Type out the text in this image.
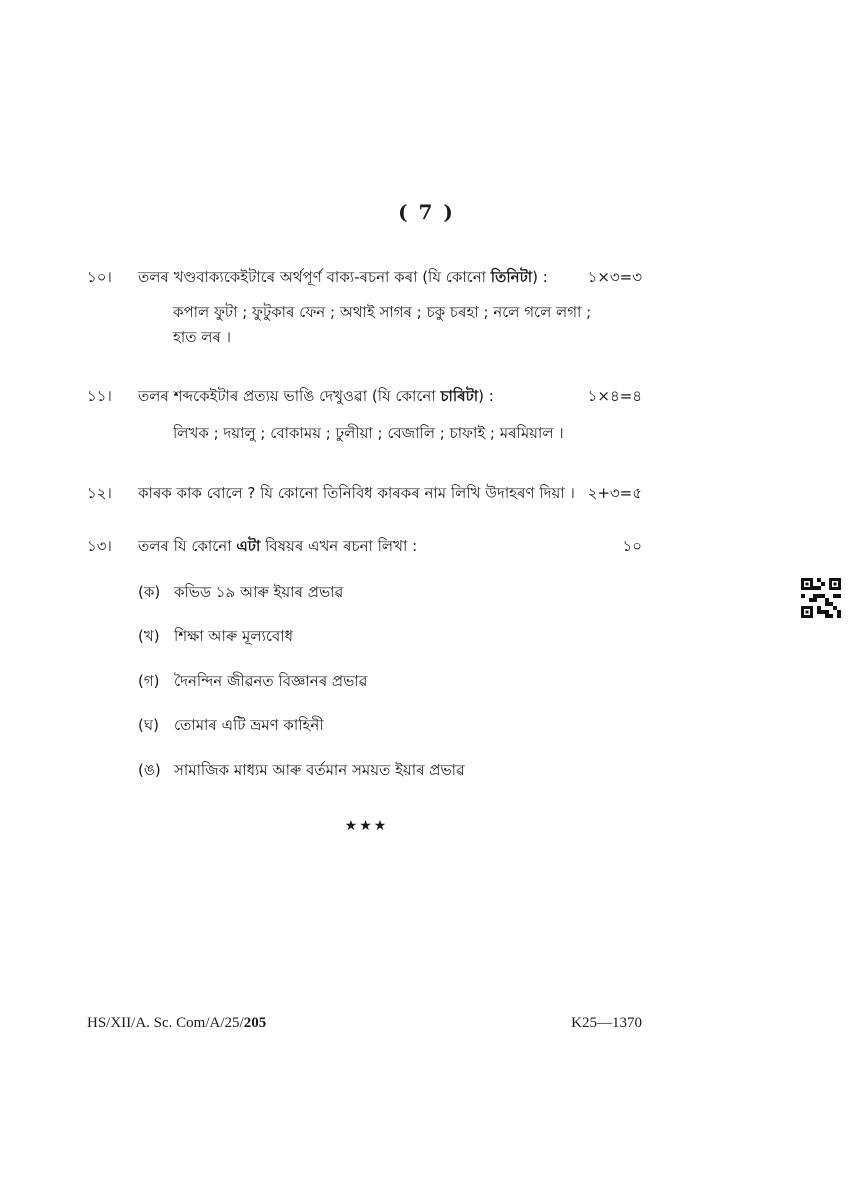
( 7 )
১০। তলৰ খণ্ডবাক্যকেইটাৰে অৰ্থপূৰ্ণ বাক্য-ৰচনা কৰা (যি কোনো তিনিটা) :	১×৩=৩
কপাল ফুটা ; ফুটুকাৰ ফেন ; অথাই সাগৰ ; চকু চৰহা ; নলে গলে লগা ;
হাত লৰ ।
১১। তলৰ শব্দকেইটাৰ প্ৰত্যয় ভাঙি দেখুওৱা (যি কোনো চাৰিটা) :	১×৪=৪
লিখক ; দয়ালু ; বোকাময় ; ঢুলীয়া ; বেজালি ; চাফাই ; মৰমিয়াল ।
১২। কাৰক কাক বোলে ? যি কোনো তিনিবিধ কাৰকৰ নাম লিখি উদাহৰণ দিয়া । ২+৩=৫
১৩। তলৰ যি কোনো এটা বিষয়ৰ এখন ৰচনা লিখা :	১০
(ক) কভিড ১৯ আৰু ইয়াৰ প্ৰভাৱ
(খ) শিক্ষা আৰু মূল্যবোধ
(গ) দৈনন্দিন জীৱনত বিজ্ঞানৰ প্ৰভাৱ
(ঘ) তোমাৰ এটি ভ্ৰমণ কাহিনী
(ঙ) সামাজিক মাধ্যম আৰু বৰ্তমান সময়ত ইয়াৰ প্ৰভাৱ
★★★
HS/XII/A. Sc. Com/A/25/205	K25—1370
